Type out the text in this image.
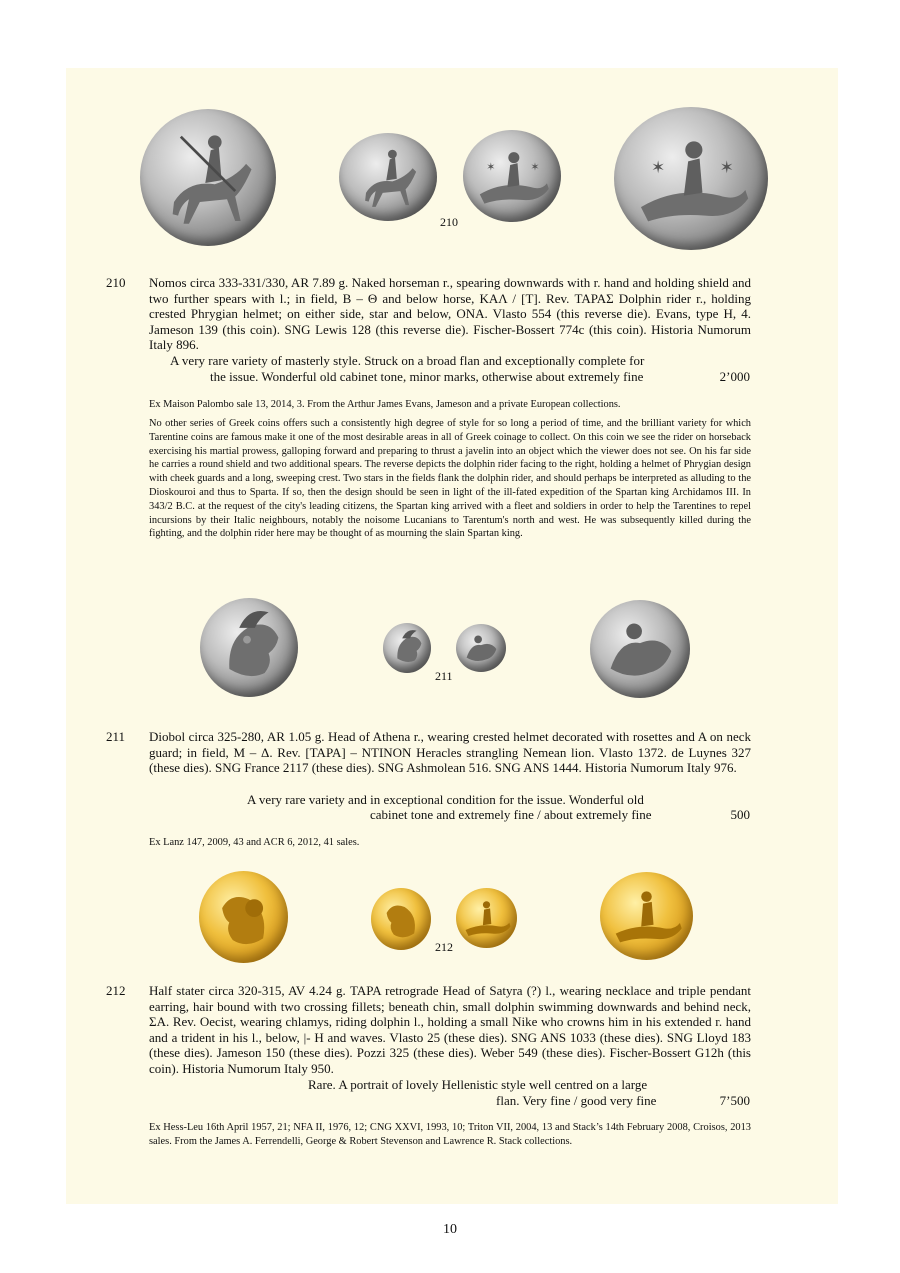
✶	✶	✶	✶
210
210 Nomos circa 333-331/330, AR 7.89 g. Naked horseman r., spearing downwards with r. hand and holding shield and two further spears with l.; in field, B – Θ and below horse, ΚΑΛ / [Τ]. Rev. ΤΑΡΑΣ Dolphin rider r., holding crested Phrygian helmet; on either side, star and below, ONA. Vlasto 554 (this reverse die). Evans, type H, 4. Jameson 139 (this coin). SNG Lewis 128 (this reverse die). Fischer-Bossert 774c (this coin). Historia Numorum Italy 896.

A very rare variety of masterly style. Struck on a broad flan and exceptionally complete for
the issue. Wonderful old cabinet tone, minor marks, otherwise about extremely fine	2’000

Ex Maison Palombo sale 13, 2014, 3. From the Arthur James Evans, Jameson and a private European collections.

No other series of Greek coins offers such a consistently high degree of style for so long a period of time, and the brilliant variety for which Tarentine coins are famous make it one of the most desirable areas in all of Greek coinage to collect. On this coin we see the rider on horseback exercising his martial prowess, galloping forward and preparing to thrust a javelin into an object which the viewer does not see. On his far side he carries a round shield and two additional spears. The reverse depicts the dolphin rider facing to the right, holding a helmet of Phrygian design with cheek guards and a long, sweeping crest. Two stars in the fields flank the dolphin rider, and should perhaps be interpreted as alluding to the Dioskouroi and thus to Sparta. If so, then the design should be seen in light of the ill-fated expedition of the Spartan king Archidamos III. In 343/2 B.C. at the request of the city's leading citizens, the Spartan king arrived with a fleet and soldiers in order to help the Tarentines to repel incursions by their Italic neighbours, notably the noisome Lucanians to Tarentum's north and west. He was subsequently killed during the fighting, and the dolphin rider here may be thought of as mourning the slain Spartan king.

211
211 Diobol circa 325-280, AR 1.05 g. Head of Athena r., wearing crested helmet decorated with rosettes and A on neck guard; in field, M – Δ. Rev. [ΤΑΡΑ] – NTINON Heracles strangling Nemean lion. Vlasto 1372. de Luynes 327 (these dies). SNG France 2117 (these dies). SNG Ashmolean 516. SNG ANS 1444. Historia Numorum Italy 976.

A very rare variety and in exceptional condition for the issue. Wonderful old
cabinet tone and extremely fine / about extremely fine	500

Ex Lanz 147, 2009, 43 and ACR 6, 2012, 41 sales.

212
212 Half stater circa 320-315, AV 4.24 g. ΤΑΡΑ retrograde Head of Satyra (?) l., wearing necklace and triple pendant earring, hair bound with two crossing fillets; beneath chin, small dolphin swimming downwards and behind neck, ΣΑ. Rev. Oecist, wearing chlamys, riding dolphin l., holding a small Nike who crowns him in his extended r. hand and a trident in his l., below, |- H and waves. Vlasto 25 (these dies). SNG ANS 1033 (these dies). SNG Lloyd 183 (these dies). Jameson 150 (these dies). Pozzi 325 (these dies). Weber 549 (these dies). Fischer-Bossert G12h (this coin). Historia Numorum Italy 950.

Rare. A portrait of lovely Hellenistic style well centred on a large
flan. Very fine / good very fine	7’500

Ex Hess-Leu 16th April 1957, 21; NFA II, 1976, 12; CNG XXVI, 1993, 10; Triton VII, 2004, 13 and Stack’s 14th February 2008, Croisos, 2013 sales. From the James A. Ferrendelli, George & Robert Stevenson and Lawrence R. Stack collections.

10
